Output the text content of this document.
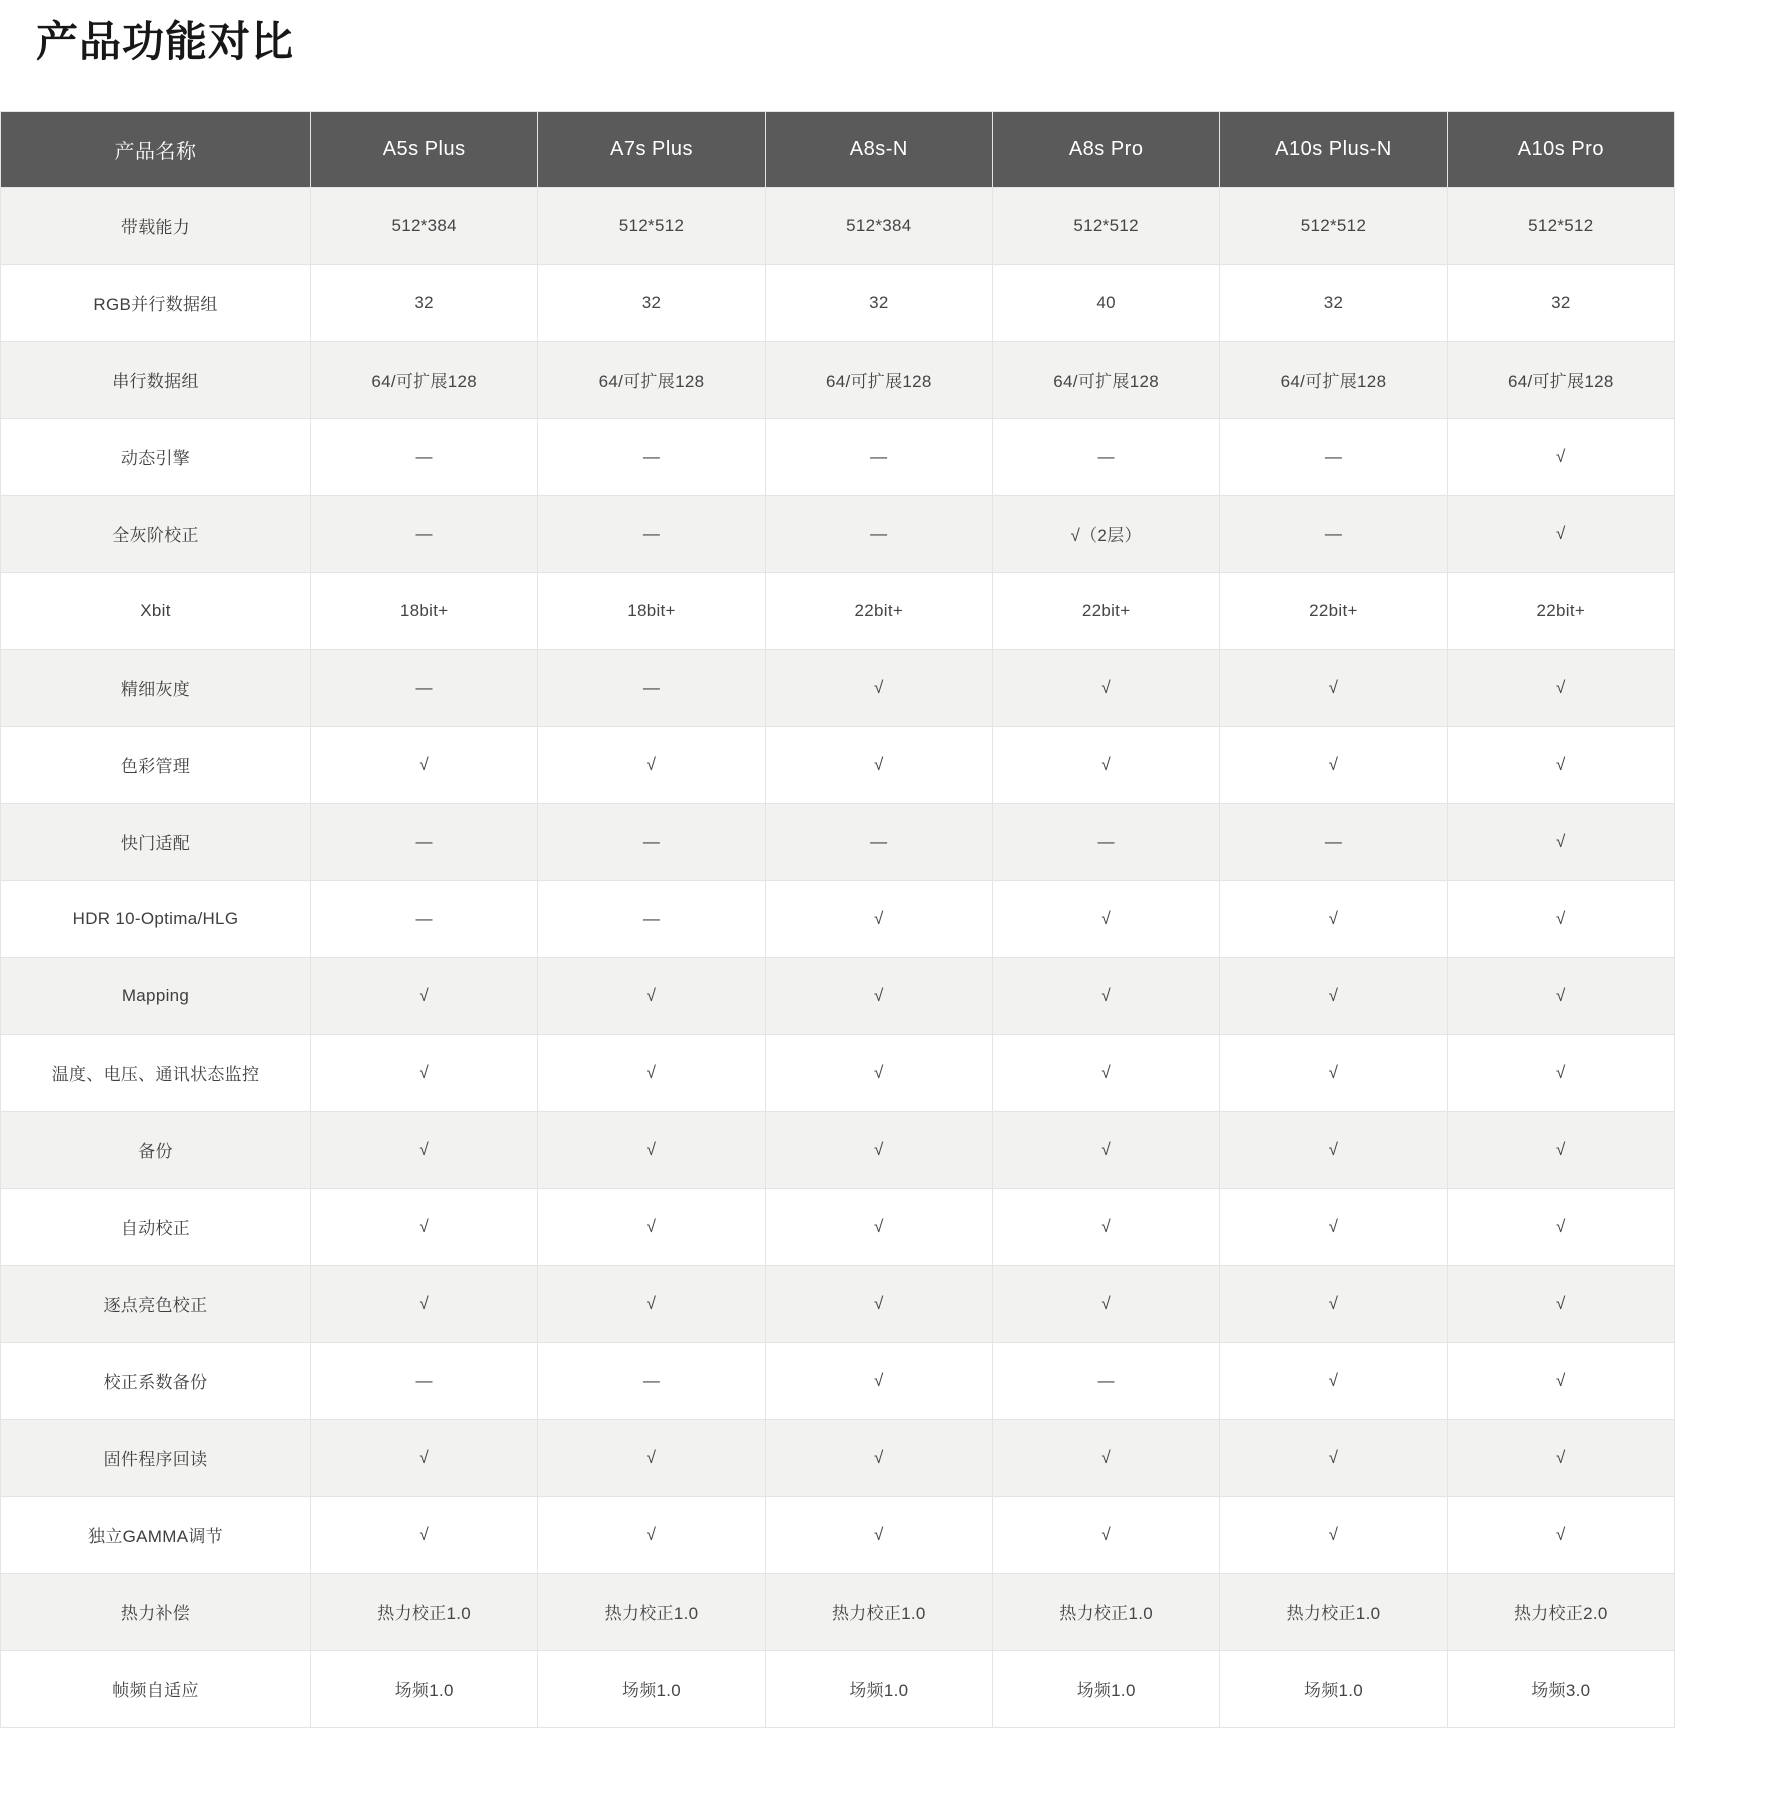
产品功能对比
产品名称	A5s Plus	A7s Plus	A8s-N	A8s Pro	A10s Plus-N	A10s Pro
带载能力	512*384	512*512	512*384	512*512	512*512	512*512
RGB并行数据组	32	32	32	40	32	32
串行数据组	64/可扩展128	64/可扩展128	64/可扩展128	64/可扩展128	64/可扩展128	64/可扩展128
动态引擎	—	—	—	—	—	√
全灰阶校正	—	—	—	√（2层）	—	√
Xbit	18bit+	18bit+	22bit+	22bit+	22bit+	22bit+
精细灰度	—	—	√	√	√	√
色彩管理	√	√	√	√	√	√
快门适配	—	—	—	—	—	√
HDR 10-Optima/HLG	—	—	√	√	√	√
Mapping	√	√	√	√	√	√
温度、电压、通讯状态监控	√	√	√	√	√	√
备份	√	√	√	√	√	√
自动校正	√	√	√	√	√	√
逐点亮色校正	√	√	√	√	√	√
校正系数备份	—	—	√	—	√	√
固件程序回读	√	√	√	√	√	√
独立GAMMA调节	√	√	√	√	√	√
热力补偿	热力校正1.0	热力校正1.0	热力校正1.0	热力校正1.0	热力校正1.0	热力校正2.0
帧频自适应	场频1.0	场频1.0	场频1.0	场频1.0	场频1.0	场频3.0
